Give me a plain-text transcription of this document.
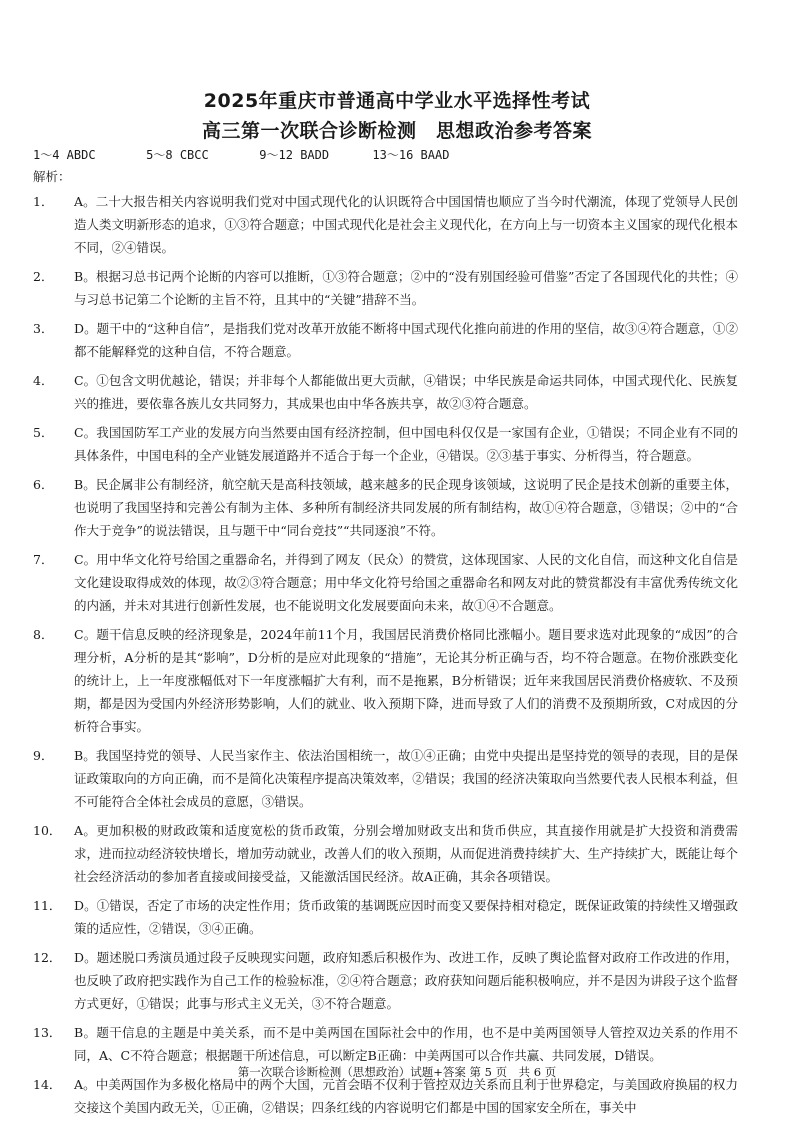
2025年重庆市普通高中学业水平选择性考试
高三第一次联合诊断检测　思想政治参考答案
1～4 ABDC       5～8 CBCC       9～12 BADD      13～16 BAAD
解析：
1． A。二十大报告相关内容说明我们党对中国式现代化的认识既符合中国国情也顺应了当今时代潮流，体现了党领导人民创造人类文明新形态的追求，①③符合题意；中国式现代化是社会主义现代化，在方向上与一切资本主义国家的现代化根本不同，②④错误。
2． B。根据习总书记两个论断的内容可以推断，①③符合题意；②中的“没有别国经验可借鉴”否定了各国现代化的共性；④与习总书记第二个论断的主旨不符，且其中的“关键”措辞不当。
3． D。题干中的“这种自信”，是指我们党对改革开放能不断将中国式现代化推向前进的作用的坚信，故③④符合题意，①②都不能解释党的这种自信，不符合题意。
4． C。①包含文明优越论，错误；并非每个人都能做出更大贡献，④错误；中华民族是命运共同体，中国式现代化、民族复兴的推进，要依靠各族儿女共同努力，其成果也由中华各族共享，故②③符合题意。
5． C。我国国防军工产业的发展方向当然要由国有经济控制，但中国电科仅仅是一家国有企业，①错误；不同企业有不同的具体条件，中国电科的全产业链发展道路并不适合于每一个企业，④错误。②③基于事实、分析得当，符合题意。
6． B。民企属非公有制经济，航空航天是高科技领域，越来越多的民企现身该领域，这说明了民企是技术创新的重要主体，也说明了我国坚持和完善公有制为主体、多种所有制经济共同发展的所有制结构，故①④符合题意，③错误；②中的“合作大于竞争”的说法错误，且与题干中“同台竞技”“共同逐浪”不符。
7． C。用中华文化符号给国之重器命名，并得到了网友（民众）的赞赏，这体现国家、人民的文化自信，而这种文化自信是文化建设取得成效的体现，故②③符合题意；用中华文化符号给国之重器命名和网友对此的赞赏都没有丰富优秀传统文化的内涵，并未对其进行创新性发展，也不能说明文化发展要面向未来，故①④不合题意。
8． C。题干信息反映的经济现象是，2024年前11个月，我国居民消费价格同比涨幅小。题目要求选对此现象的“成因”的合理分析，A分析的是其“影响”，D分析的是应对此现象的“措施”，无论其分析正确与否，均不符合题意。在物价涨跌变化的统计上，上一年度涨幅低对下一年度涨幅扩大有利，而不是拖累，B分析错误；近年来我国居民消费价格疲软、不及预期，都是因为受国内外经济形势影响，人们的就业、收入预期下降，进而导致了人们的消费不及预期所致，C对成因的分析符合事实。
9． B。我国坚持党的领导、人民当家作主、依法治国相统一，故①④正确；由党中央提出是坚持党的领导的表现，目的是保证政策取向的方向正确，而不是简化决策程序提高决策效率，②错误；我国的经济决策取向当然要代表人民根本利益，但不可能符合全体社会成员的意愿，③错误。
10． A。更加积极的财政政策和适度宽松的货币政策，分别会增加财政支出和货币供应，其直接作用就是扩大投资和消费需求，进而拉动经济较快增长，增加劳动就业，改善人们的收入预期，从而促进消费持续扩大、生产持续扩大，既能让每个社会经济活动的参加者直接或间接受益，又能激活国民经济。故A正确，其余各项错误。
11． D。①错误，否定了市场的决定性作用；货币政策的基调既应因时而变又要保持相对稳定，既保证政策的持续性又增强政策的适应性，②错误，③④正确。
12． D。题述脱口秀演员通过段子反映现实问题，政府知悉后积极作为、改进工作，反映了舆论监督对政府工作改进的作用，也反映了政府把实践作为自己工作的检验标准，②④符合题意；政府获知问题后能积极响应，并不是因为讲段子这个监督方式更好，①错误；此事与形式主义无关，③不符合题意。
13． B。题干信息的主题是中美关系，而不是中美两国在国际社会中的作用，也不是中美两国领导人管控双边关系的作用不同，A、C不符合题意；根据题干所述信息，可以断定B正确：中美两国可以合作共赢、共同发展，D错误。
14． A。中美两国作为多极化格局中的两个大国，元首会晤不仅利于管控双边关系而且利于世界稳定，与美国政府换届的权力交接这个美国内政无关，①正确，②错误；四条红线的内容说明它们都是中国的国家安全所在，事关中
第一次联合诊断检测（思想政治）试题+答案 第 5 页　共 6 页
